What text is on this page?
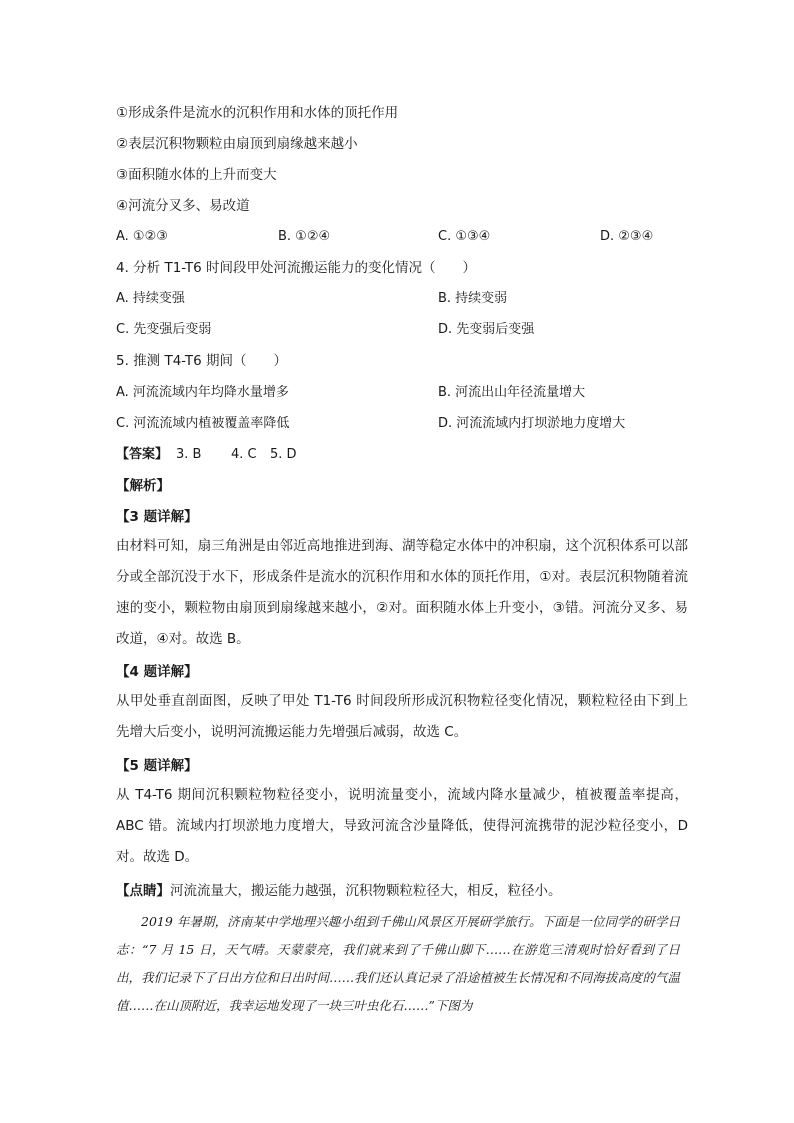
①形成条件是流水的沉积作用和水体的顶托作用
②表层沉积物颗粒由扇顶到扇缘越来越小
③面积随水体的上升而变大
④河流分叉多、易改道
A. ①②③	B. ①②④	C. ①③④	D. ②③④
4. 分析 T1-T6 时间段甲处河流搬运能力的变化情况（　　）
A. 持续变强	B. 持续变弱
C. 先变强后变弱	D. 先变弱后变强
5. 推测 T4-T6 期间（　　）
A. 河流流域内年均降水量增多	B. 河流出山年径流量增大
C. 河流流域内植被覆盖率降低	D. 河流流域内打坝淤地力度增大
【答案】 3. B 4. C 5. D
【解析】
【3 题详解】
由材料可知，扇三角洲是由邻近高地推进到海、湖等稳定水体中的冲积扇，这个沉积体系可以部分或全部沉没于水下，形成条件是流水的沉积作用和水体的顶托作用，①对。表层沉积物随着流速的变小，颗粒物由扇顶到扇缘越来越小，②对。面积随水体上升变小，③错。河流分叉多、易改道，④对。故选 B。
【4 题详解】
从甲处垂直剖面图，反映了甲处 T1-T6 时间段所形成沉积物粒径变化情况，颗粒粒径由下到上先增大后变小，说明河流搬运能力先增强后减弱，故选 C。
【5 题详解】
从 T4-T6 期间沉积颗粒物粒径变小，说明流量变小，流域内降水量减少，植被覆盖率提高，ABC 错。流域内打坝淤地力度增大，导致河流含沙量降低，使得河流携带的泥沙粒径变小，D 对。故选 D。
【点睛】河流流量大，搬运能力越强，沉积物颗粒粒径大，相反，粒径小。
2019 年暑期，济南某中学地理兴趣小组到千佛山风景区开展研学旅行。下面是一位同学的研学日志：“7 月 15 日，天气晴。天蒙蒙亮，我们就来到了千佛山脚下……在游览三清观时恰好看到了日出，我们记录下了日出方位和日出时间……我们还认真记录了沿途植被生长情况和不同海拔高度的气温值……在山顶附近，我幸运地发现了一块三叶虫化石……”下图为
